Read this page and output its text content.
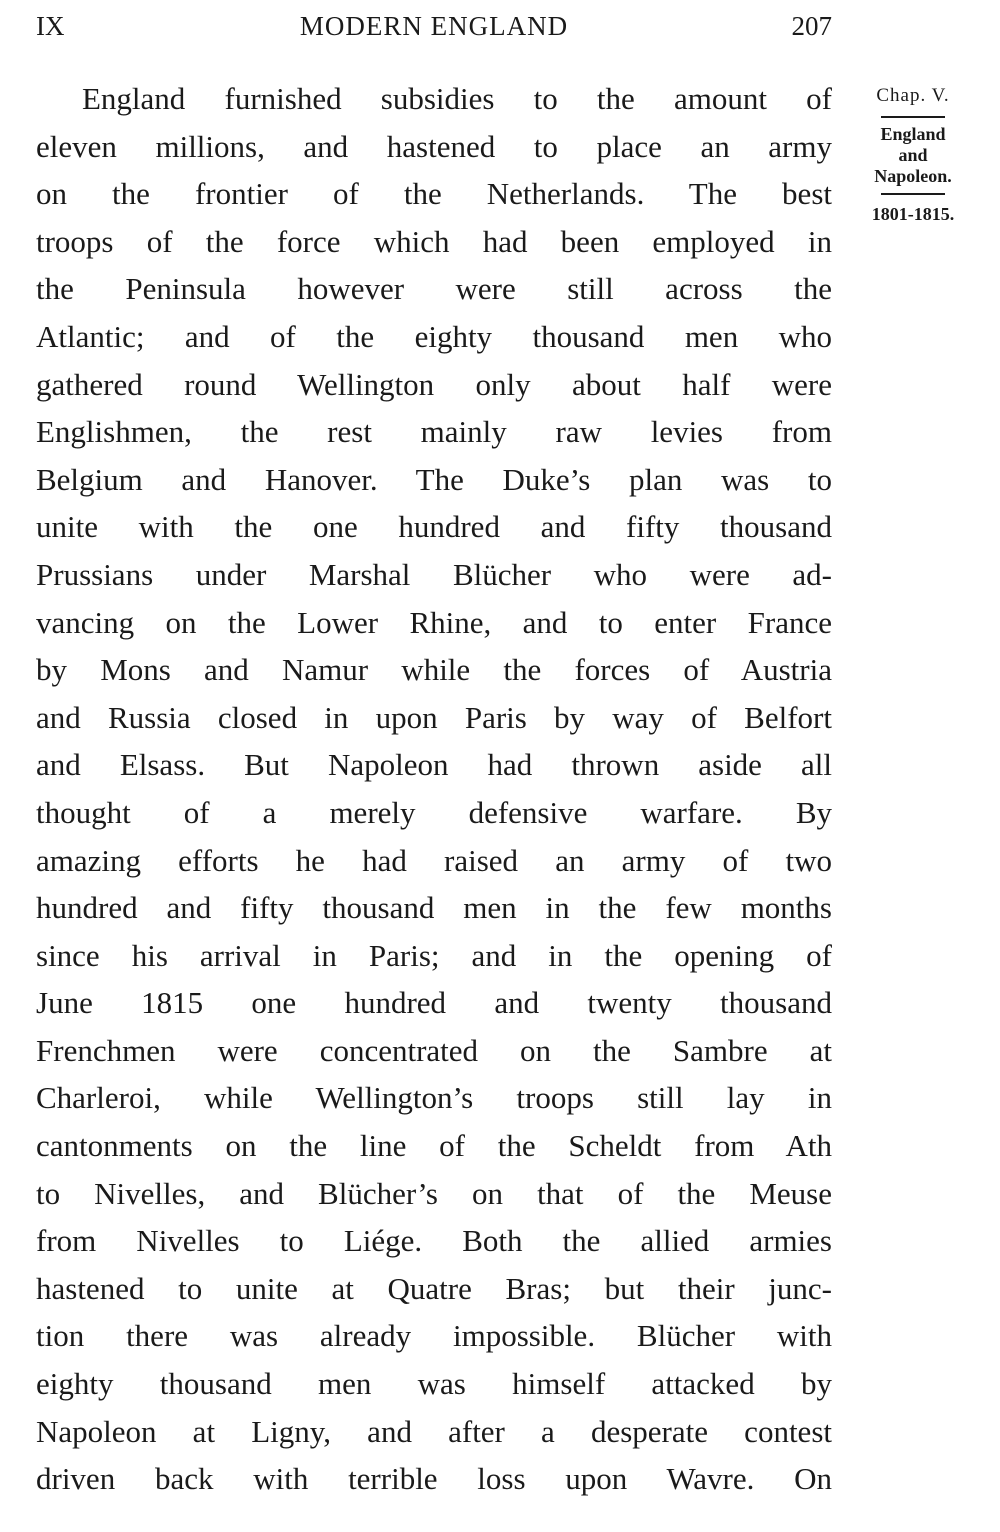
IX	MODERN ENGLAND	207
England furnished subsidies to the amount of
eleven millions, and hastened to place an army
on the frontier of the Netherlands. The best
troops of the force which had been employed in
the Peninsula however were still across the
Atlantic; and of the eighty thousand men who
gathered round Wellington only about half were
Englishmen, the rest mainly raw levies from
Belgium and Hanover. The Duke’s plan was to
unite with the one hundred and fifty thousand
Prussians under Marshal Blücher who were ad-
vancing on the Lower Rhine, and to enter France
by Mons and Namur while the forces of Austria
and Russia closed in upon Paris by way of Belfort
and Elsass. But Napoleon had thrown aside all
thought of a merely defensive warfare. By
amazing efforts he had raised an army of two
hundred and fifty thousand men in the few months
since his arrival in Paris; and in the opening of
June 1815 one hundred and twenty thousand
Frenchmen were concentrated on the Sambre at
Charleroi, while Wellington’s troops still lay in
cantonments on the line of the Scheldt from Ath
to Nivelles, and Blücher’s on that of the Meuse
from Nivelles to Liége. Both the allied armies
hastened to unite at Quatre Bras; but their junc-
tion there was already impossible. Blücher with
eighty thousand men was himself attacked by
Napoleon at Ligny, and after a desperate contest
driven back with terrible loss upon Wavre. On
Chap. V.
England
and
Napoleon.
1801-1815.
